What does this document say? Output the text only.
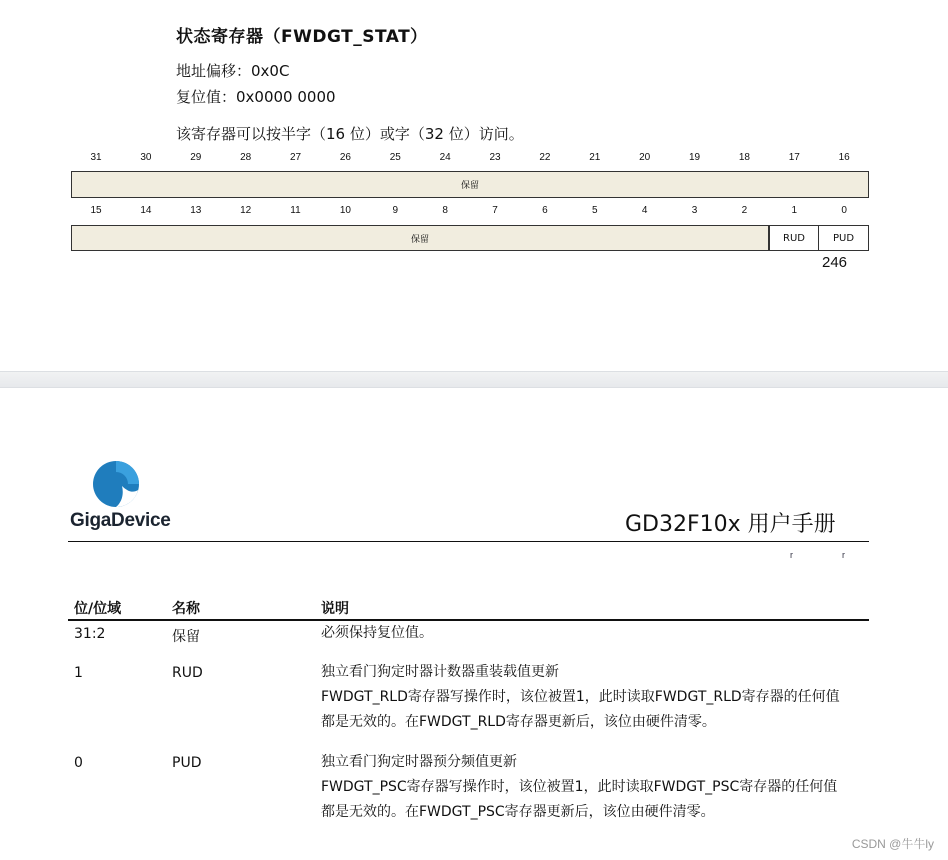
状态寄存器（FWDGT_STAT）
地址偏移：0x0C
复位值：0x0000 0000
该寄存器可以按半字（16 位）或字（32 位）访问。
31	30	29	28	27	26	25	24	23	22	21	20	19	18	17	16
保留
15	14	13	12	11	10	9	8	7	6	5	4	3	2	1	0
保留	RUD	PUD
246
GigaDevice	GD32F10x 用户手册
r	r
位/位域	名称	说明
31:2	保留	必须保持复位值。
1	RUD	独立看门狗定时器计数器重装载值更新
FWDGT_RLD寄存器写操作时，该位被置1，此时读取FWDGT_RLD寄存器的任何值
都是无效的。在FWDGT_RLD寄存器更新后，该位由硬件清零。
0	PUD	独立看门狗定时器预分频值更新
FWDGT_PSC寄存器写操作时，该位被置1，此时读取FWDGT_PSC寄存器的任何值
都是无效的。在FWDGT_PSC寄存器更新后，该位由硬件清零。
CSDN @牛牛ly
